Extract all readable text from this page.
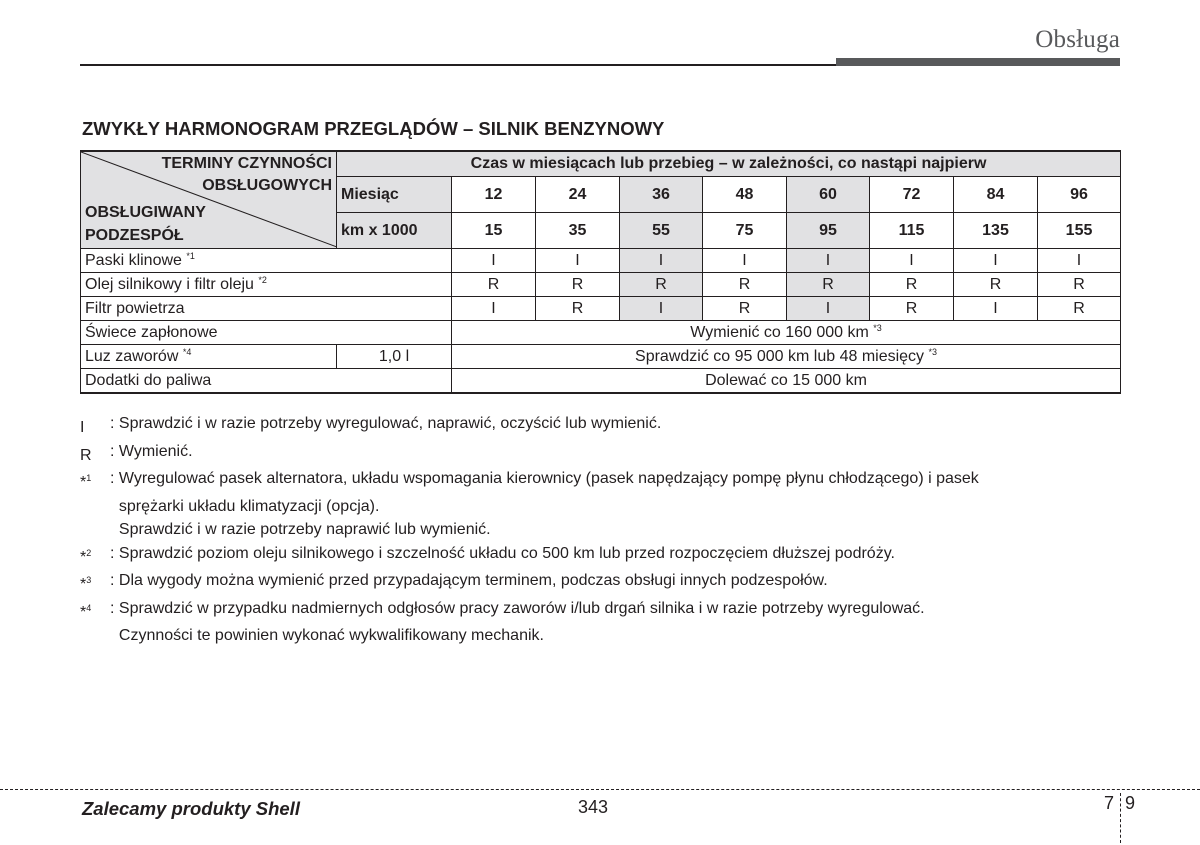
Obsługa
ZWYKŁY HARMONOGRAM PRZEGLĄDÓW – SILNIK BENZYNOWY
TERMINY CZYNNOŚCI
OBSŁUGOWYCH
OBSŁUGIWANY
PODZESPÓŁ	Czas w miesiącach lub przebieg – w zależności, co nastąpi najpierw								
	Miesiąc	12	24	36	48	60	72	84	96
	km x 1000	15	35	55	75	95	115	135	155
Paski klinowe $^{*1}$		I	I	I	I	I	I	I	I
Olej silnikowy i filtr oleju $^{*2}$		R	R	R	R	R	R	R	R
Filtr powietrza		I	R	I	R	I	R	I	R
Świece zapłonowe		Wymienić co 160 000 km $^{*3}$
Luz zaworów $^{*4}$	1,0 l	Sprawdzić co 95 000 km lub 48 miesięcy $^{*3}$
Dodatki do paliwa		Dolewać co 15 000 km							
I	: Sprawdzić i w razie potrzeby wyregulować, naprawić, oczyścić lub wymienić.
R	: Wymienić.
*$^1$	: Wyregulować pasek alternatora, układu wspomagania kierownicy (pasek napędzający pompę płynu chłodzącego) i pasek
sprężarki układu klimatyzacji (opcja).
Sprawdzić i w razie potrzeby naprawić lub wymienić.
*$^2$	: Sprawdzić poziom oleju silnikowego i szczelność układu co 500 km lub przed rozpoczęciem dłuższej podróży.
*$^3$	: Dla wygody można wymienić przed przypadającym terminem, podczas obsługi innych podzespołów.
*$^4$	: Sprawdzić w przypadku nadmiernych odgłosów pracy zaworów i/lub drgań silnika i w razie potrzeby wyregulować.
Czynności te powinien wykonać wykwalifikowany mechanik.
Zalecamy produkty Shell	343	7 9
